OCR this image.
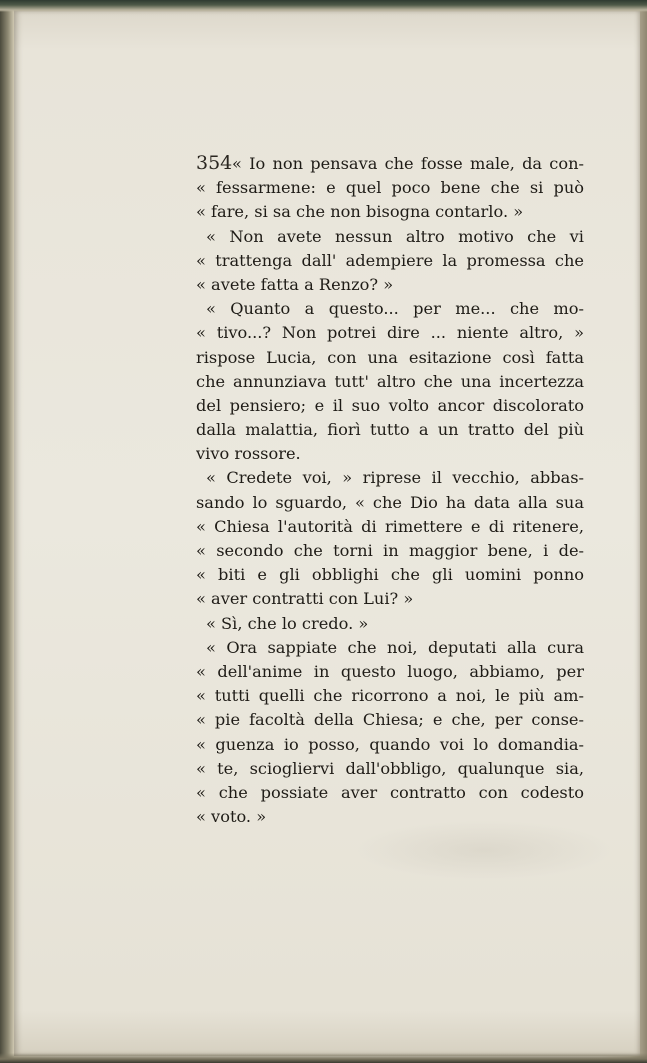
354 « Io non pensava che fosse male, da con-
« fessarmene: e quel poco bene che si può
« fare, si sa che non bisogna contarlo. »
« Non avete nessun altro motivo che vi
« trattenga dall' adempiere la promessa che
« avete fatta a Renzo? »
« Quanto a questo... per me... che mo-
« tivo...? Non potrei dire ... niente altro, »
rispose Lucia, con una esitazione così fatta
che annunziava tutt' altro che una incertezza
del pensiero; e il suo volto ancor discolorato
dalla malattia, fiorì tutto a un tratto del più
vivo rossore.
« Credete voi, » riprese il vecchio, abbas-
sando lo sguardo, « che Dio ha data alla sua
« Chiesa l'autorità di rimettere e di ritenere,
« secondo che torni in maggior bene, i de-
« biti e gli obblighi che gli uomini ponno
« aver contratti con Lui? »
« Sì, che lo credo. »
« Ora sappiate che noi, deputati alla cura
« dell'anime in questo luogo, abbiamo, per
« tutti quelli che ricorrono a noi, le più am-
« pie facoltà della Chiesa; e che, per conse-
« guenza io posso, quando voi lo domandia-
« te, sciogliervi dall'obbligo, qualunque sia,
« che possiate aver contratto con codesto
« voto. »
